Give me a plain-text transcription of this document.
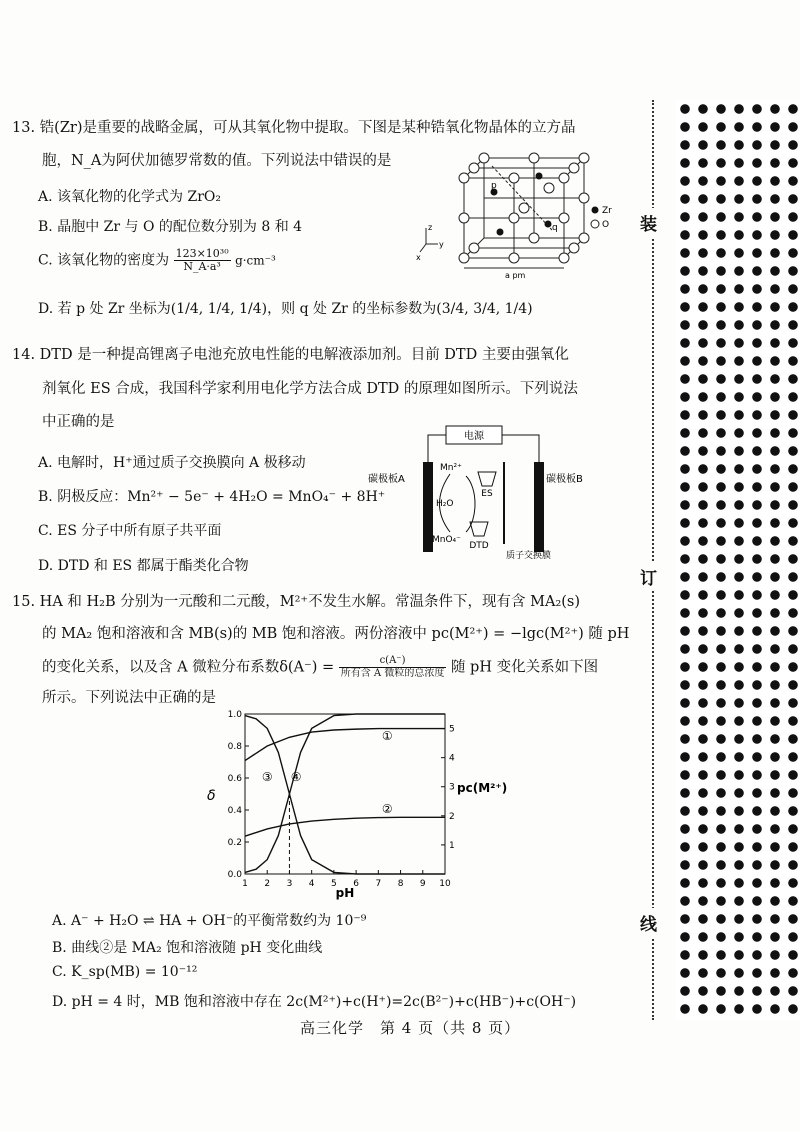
13. 锆(Zr)是重要的战略金属，可从其氧化物中提取。下图是某种锆氧化物晶体的立方晶
胞，N_A为阿伏加德罗常数的值。下列说法中错误的是
A. 该氧化物的化学式为 ZrO₂
B. 晶胞中 Zr 与 O 的配位数分别为 8 和 4
C. 该氧化物的密度为 $\frac{\text{123×10³⁰}}{\text{N\_A·a³}} g\cdot cm^{-3}$
D. 若 p 处 Zr 坐标为(1/4, 1/4, 1/4)，则 q 处 Zr 的坐标参数为(3/4, 3/4, 1/4)
p
q
Zr
O
z
y
x
a pm
14. DTD 是一种提高锂离子电池充放电性能的电解液添加剂。目前 DTD 主要由强氧化
剂氧化 ES 合成，我国科学家利用电化学方法合成 DTD 的原理如图所示。下列说法
中正确的是
A. 电解时，H⁺通过质子交换膜向 A 极移动
B. 阴极反应：Mn²⁺ − 5e⁻ + 4H₂O = MnO₄⁻ + 8H⁺
C. ES 分子中所有原子共平面
D. DTD 和 ES 都属于酯类化合物
电源
碳极板A	碳极板B
Mn²⁺
H₂O
MnO₄⁻
ES
DTD
质子交换膜
15. HA 和 H₂B 分别为一元酸和二元酸，M²⁺不发生水解。常温条件下，现有含 MA₂(s)
的 MA₂ 饱和溶液和含 MB(s)的 MB 饱和溶液。两份溶液中 pc(M²⁺) = −lgc(M²⁺) 随 pH
的变化关系，以及含 A 微粒分布系数$\delta(A^-) = \frac{c(A^-)}{\text{所有含 A 微粒的总浓度}}$ 随 pH 变化关系如下图
所示。下列说法中正确的是
1 2 3 4 5 6 7 8 9 10
0.0
0.2
0.4
0.6
0.8
1.0
1
2
3
4
5
①
②
③ ④
δ	pc(M²⁺)
pH
A. A⁻ + H₂O ⇌ HA + OH⁻的平衡常数约为 10⁻⁹
B. 曲线②是 MA₂ 饱和溶液随 pH 变化曲线
C. K_sp(MB) = 10⁻¹²
D. pH = 4 时，MB 饱和溶液中存在 2c(M²⁺)+c(H⁺)=2c(B²⁻)+c(HB⁻)+c(OH⁻)
装
订
线
高三化学　第 4 页（共 8 页）
